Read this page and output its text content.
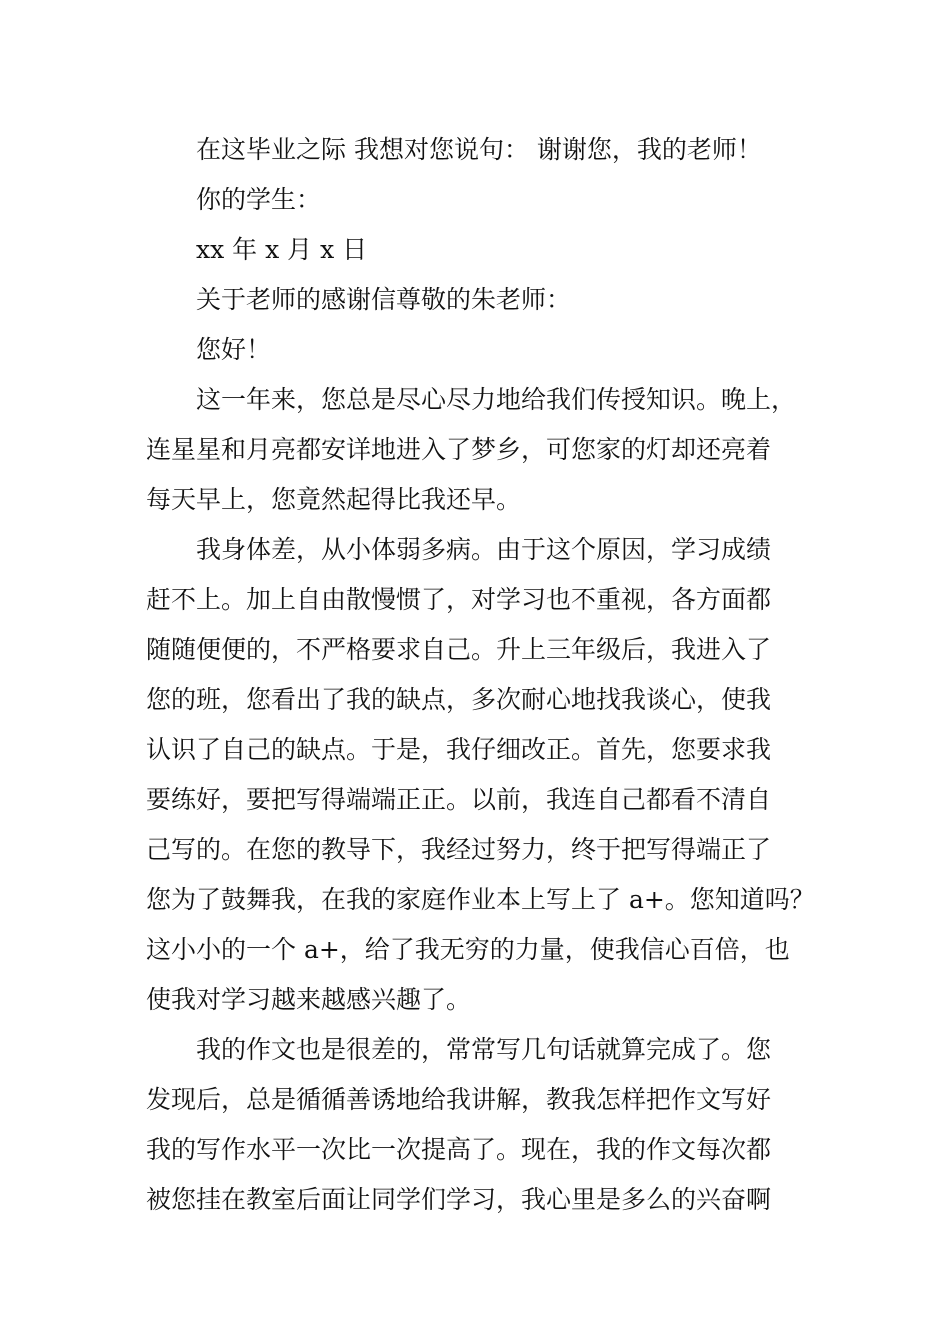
在这毕业之际 我想对您说句： 谢谢您，我的老师！
你的学生：
xx 年 x 月 x 日
关于老师的感谢信尊敬的朱老师：
您好！
这一年来，您总是尽心尽力地给我们传授知识。晚上，
连星星和月亮都安详地进入了梦乡，可您家的灯却还亮着
每天早上，您竟然起得比我还早。
我身体差，从小体弱多病。由于这个原因，学习成绩
赶不上。加上自由散慢惯了，对学习也不重视，各方面都
随随便便的，不严格要求自己。升上三年级后，我进入了
您的班，您看出了我的缺点，多次耐心地找我谈心，使我
认识了自己的缺点。于是，我仔细改正。首先，您要求我
要练好，要把写得端端正正。以前，我连自己都看不清自
己写的。在您的教导下，我经过努力，终于把写得端正了
您为了鼓舞我，在我的家庭作业本上写上了 a+。您知道吗？
这小小的一个 a+，给了我无穷的力量，使我信心百倍，也
使我对学习越来越感兴趣了。
我的作文也是很差的，常常写几句话就算完成了。您
发现后，总是循循善诱地给我讲解，教我怎样把作文写好
我的写作水平一次比一次提高了。现在，我的作文每次都
被您挂在教室后面让同学们学习，我心里是多么的兴奋啊
